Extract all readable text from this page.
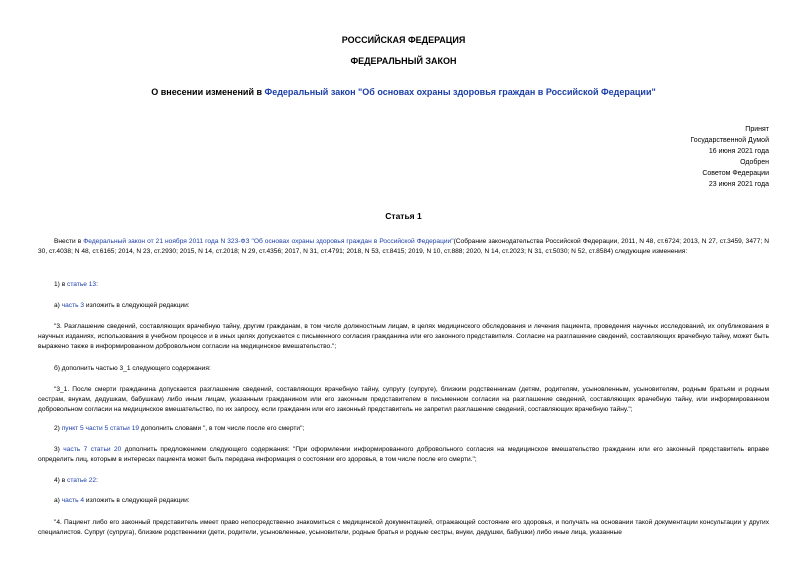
РОССИЙСКАЯ ФЕДЕРАЦИЯ
ФЕДЕРАЛЬНЫЙ ЗАКОН
О внесении изменений в Федеральный закон "Об основах охраны здоровья граждан в Российской Федерации"
Принят
Государственной Думой
16 июня 2021 года
Одобрен
Советом Федерации
23 июня 2021 года
Статья 1
Внести в Федеральный закон от 21 ноября 2011 года N 323-ФЗ "Об основах охраны здоровья граждан в Российской Федерации"(Собрание законодательства Российской Федерации, 2011, N 48, ст.6724; 2013, N 27, ст.3459, 3477; N 30, ст.4038; N 48, ст.6165; 2014, N 23, ст.2930; 2015, N 14, ст.2018; N 29, ст.4356; 2017, N 31, ст.4791; 2018, N 53, ст.8415; 2019, N 10, ст.888; 2020, N 14, ст.2023; N 31, ст.5030; N 52, ст.8584) следующие изменения:
1) в статье 13:
а) часть 3 изложить в следующей редакции:
"3. Разглашение сведений, составляющих врачебную тайну, другим гражданам, в том числе должностным лицам, в целях медицинского обследования и лечения пациента, проведения научных исследований, их опубликования в научных изданиях, использования в учебном процессе и в иных целях допускается с письменного согласия гражданина или его законного представителя. Согласие на разглашение сведений, составляющих врачебную тайну, может быть выражено также в информированном добровольном согласии на медицинское вмешательство.";
б) дополнить частью 3_1 следующего содержания:
"3_1. После смерти гражданина допускается разглашение сведений, составляющих врачебную тайну, супругу (супруге), близким родственникам (детям, родителям, усыновленным, усыновителям, родным братьям и родным сестрам, внукам, дедушкам, бабушкам) либо иным лицам, указанным гражданином или его законным представителем в письменном согласии на разглашение сведений, составляющих врачебную тайну, или информированном добровольном согласии на медицинское вмешательство, по их запросу, если гражданин или его законный представитель не запретил разглашение сведений, составляющих врачебную тайну.";
2) пункт 5 части 5 статьи 19 дополнить словами ", в том числе после его смерти";
3) часть 7 статьи 20 дополнить предложением следующего содержания: "При оформлении информированного добровольного согласия на медицинское вмешательство гражданин или его законный представитель вправе определить лиц, которым в интересах пациента может быть передана информация о состоянии его здоровья, в том числе после его смерти.";
4) в статье 22:
а) часть 4 изложить в следующей редакции:
"4. Пациент либо его законный представитель имеет право непосредственно знакомиться с медицинской документацией, отражающей состояние его здоровья, и получать на основании такой документации консультации у других специалистов. Супруг (супруга), близкие родственники (дети, родители, усыновленные, усыновители, родные братья и родные сестры, внуки, дедушки, бабушки) либо иные лица, указанные
